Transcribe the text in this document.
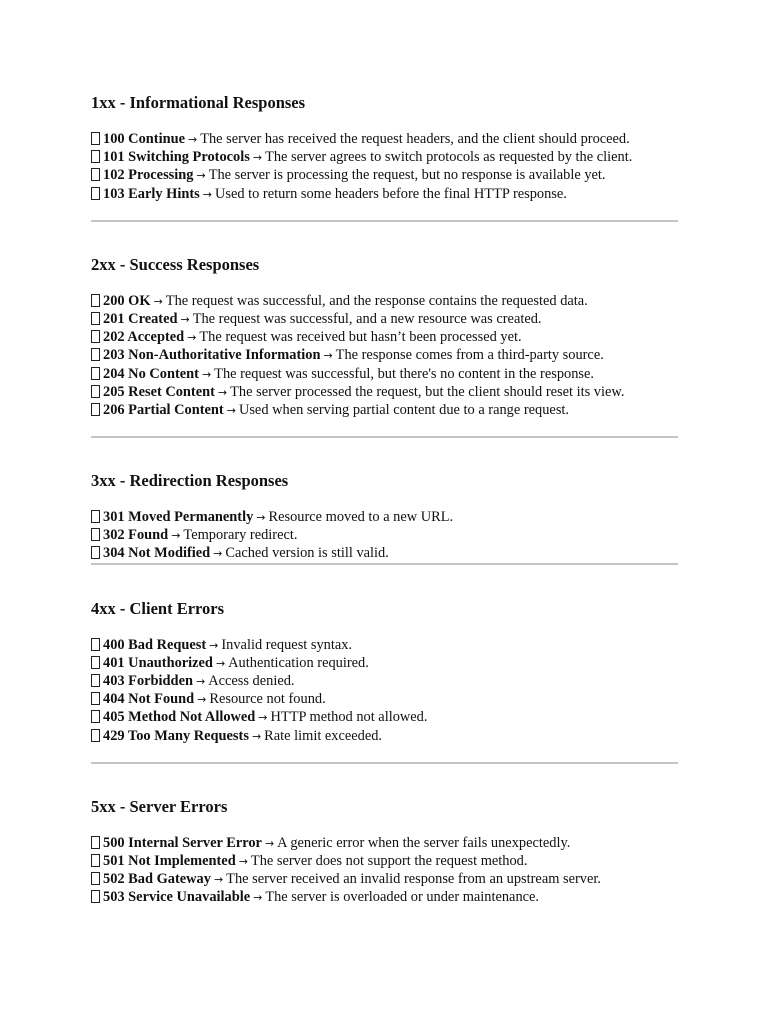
1xx - Informational Responses
100 Continue → The server has received the request headers, and the client should proceed.
101 Switching Protocols → The server agrees to switch protocols as requested by the client.
102 Processing → The server is processing the request, but no response is available yet.
103 Early Hints → Used to return some headers before the final HTTP response.
2xx - Success Responses
200 OK → The request was successful, and the response contains the requested data.
201 Created → The request was successful, and a new resource was created.
202 Accepted → The request was received but hasn’t been processed yet.
203 Non-Authoritative Information → The response comes from a third-party source.
204 No Content → The request was successful, but there's no content in the response.
205 Reset Content → The server processed the request, but the client should reset its view.
206 Partial Content → Used when serving partial content due to a range request.
3xx - Redirection Responses
301 Moved Permanently → Resource moved to a new URL.
302 Found → Temporary redirect.
304 Not Modified → Cached version is still valid.
4xx - Client Errors
400 Bad Request → Invalid request syntax.
401 Unauthorized → Authentication required.
403 Forbidden → Access denied.
404 Not Found → Resource not found.
405 Method Not Allowed → HTTP method not allowed.
429 Too Many Requests → Rate limit exceeded.
5xx - Server Errors
500 Internal Server Error → A generic error when the server fails unexpectedly.
501 Not Implemented → The server does not support the request method.
502 Bad Gateway → The server received an invalid response from an upstream server.
503 Service Unavailable → The server is overloaded or under maintenance.
